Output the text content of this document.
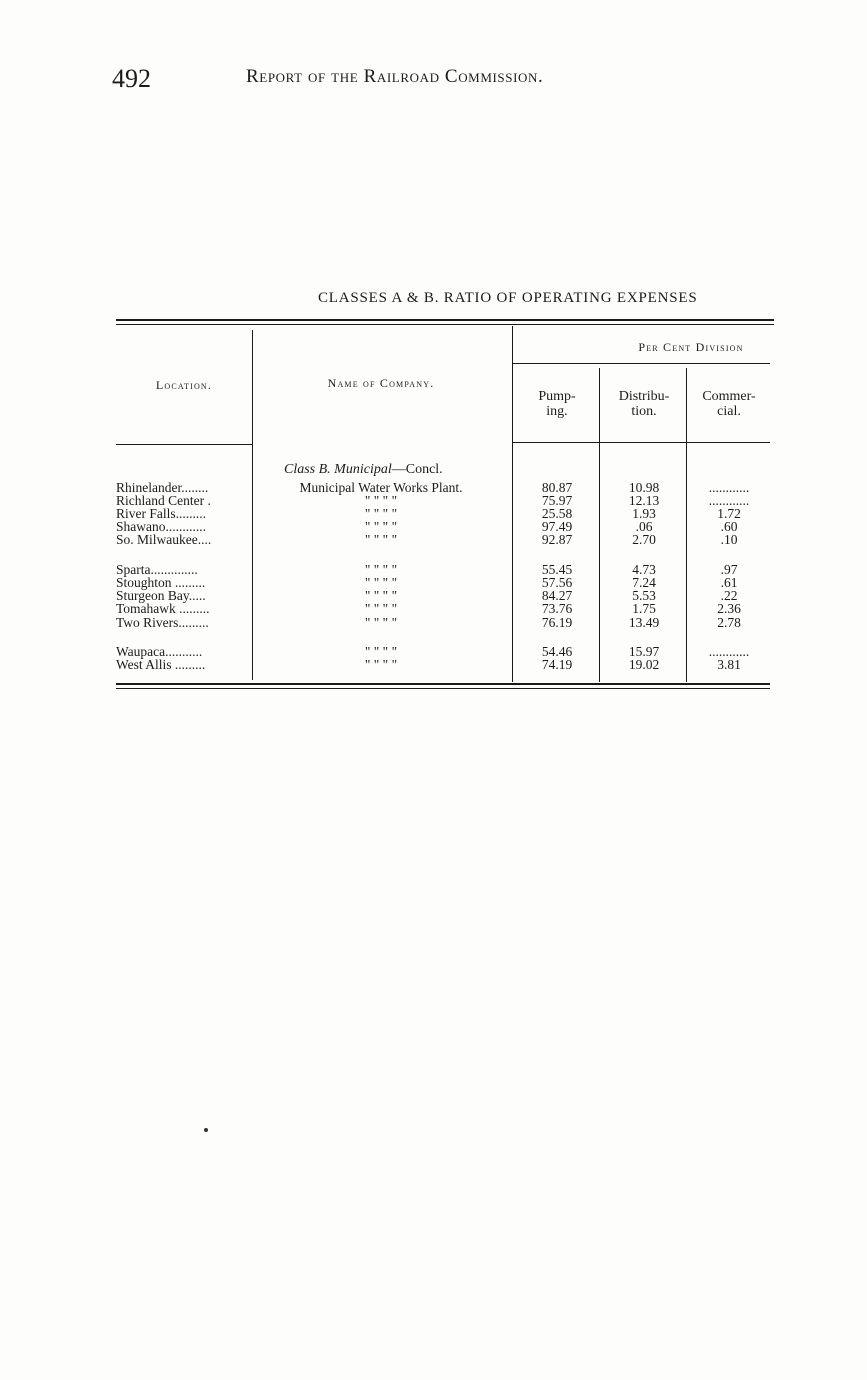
492	Report of the Railroad Commission.
CLASSES A & B. RATIO OF OPERATING EXPENSES
Per Cent Division
Location.	Name of Company.
Pump-
ing.
Distribu-
tion.
Commer-
cial.
Class B. Municipal—Concl.
Rhinelander........	Municipal Water Works Plant.	80.87	10.98	............
Richland Center .	" " " "	75.97	12.13	............
River Falls.........	" " " "	25.58	1.93	1.72
Shawano............	" " " "	97.49	.06	.60
So. Milwaukee....	" " " "	92.87	2.70	.10
Sparta..............	" " " "	55.45	4.73	.97
Stoughton .........	" " " "	57.56	7.24	.61
Sturgeon Bay.....	" " " "	84.27	5.53	.22
Tomahawk .........	" " " "	73.76	1.75	2.36
Two Rivers.........	" " " "	76.19	13.49	2.78
Waupaca...........	" " " "	54.46	15.97	............
West Allis .........	" " " "	74.19	19.02	3.81
